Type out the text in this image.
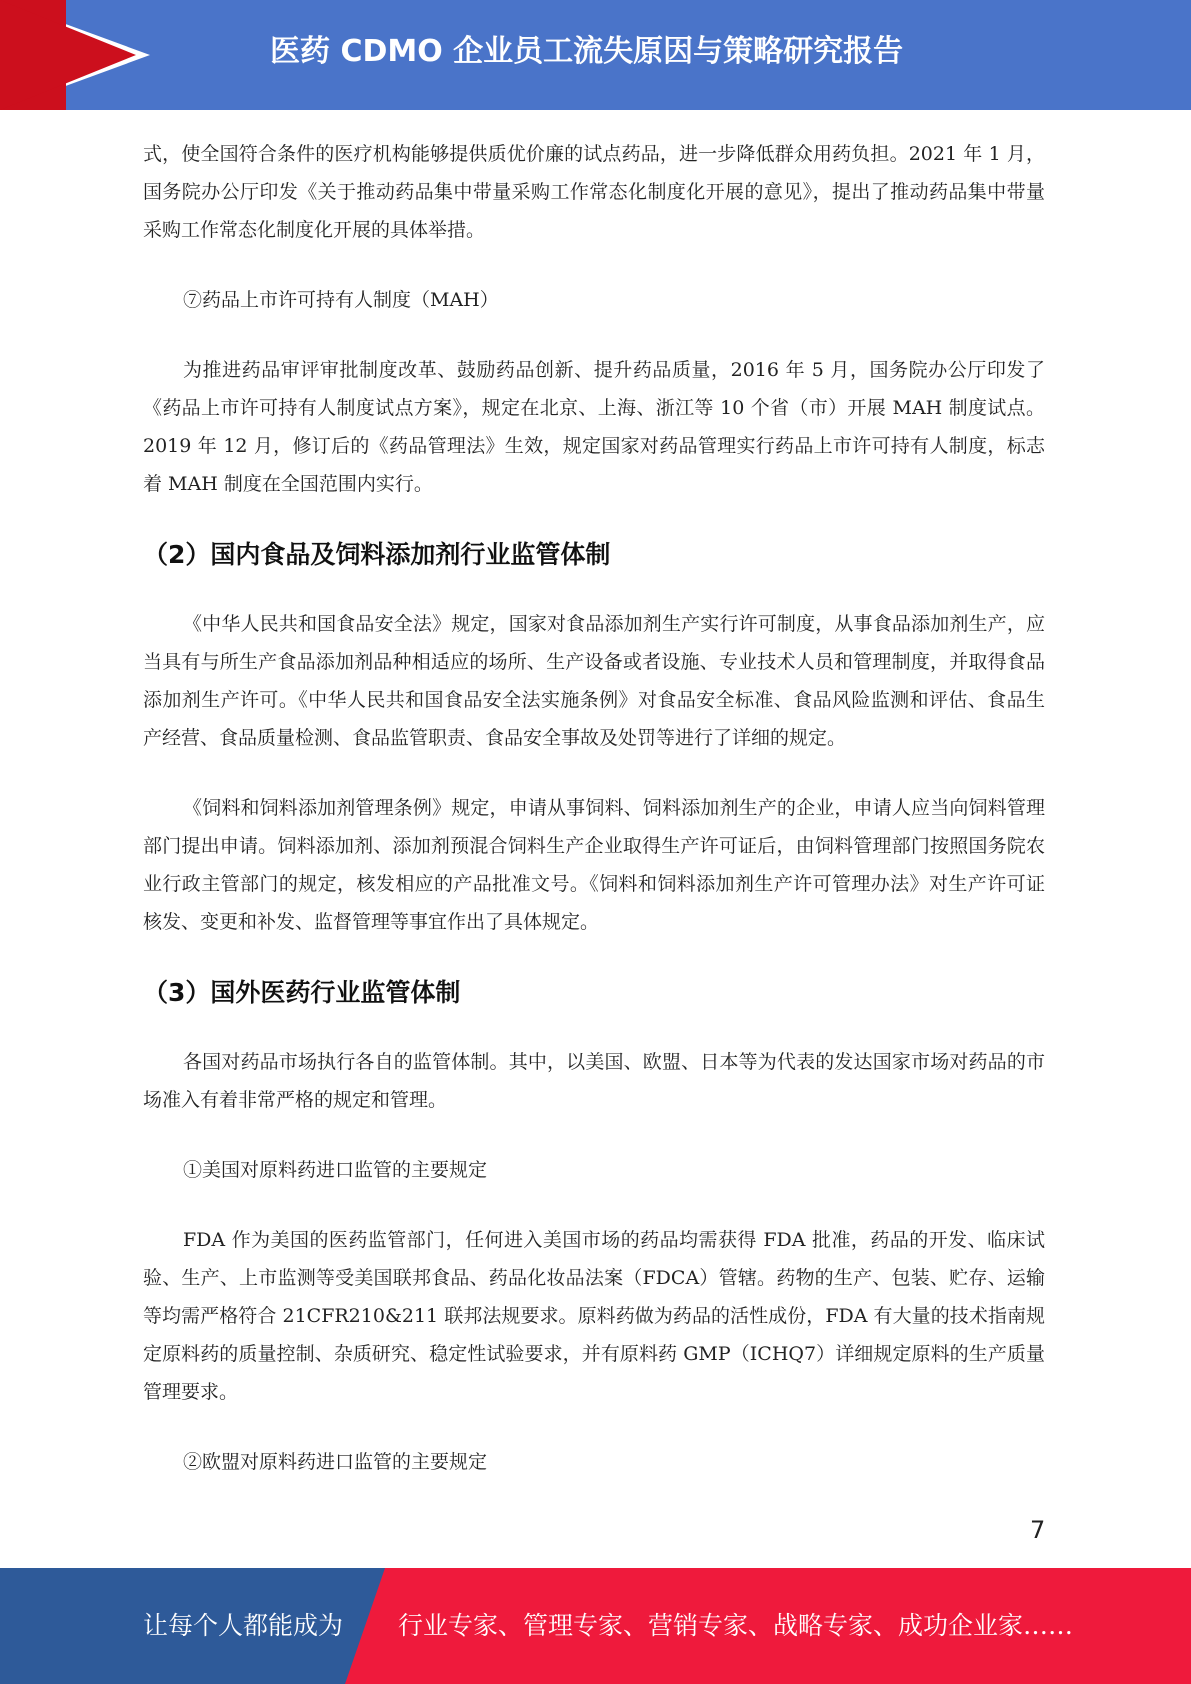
医药 CDMO 企业员工流失原因与策略研究报告

式，使全国符合条件的医疗机构能够提供质优价廉的试点药品，进一步降低群众用药负担。2021 年 1 月，国务院办公厅印发《关于推动药品集中带量采购工作常态化制度化开展的意见》，提出了推动药品集中带量采购工作常态化制度化开展的具体举措。

⑦药品上市许可持有人制度（MAH）

为推进药品审评审批制度改革、鼓励药品创新、提升药品质量，2016 年 5 月，国务院办公厅印发了《药品上市许可持有人制度试点方案》，规定在北京、上海、浙江等 10 个省（市）开展 MAH 制度试点。2019 年 12 月，修订后的《药品管理法》生效，规定国家对药品管理实行药品上市许可持有人制度，标志着 MAH 制度在全国范围内实行。

（2）国内食品及饲料添加剂行业监管体制

《中华人民共和国食品安全法》规定，国家对食品添加剂生产实行许可制度，从事食品添加剂生产，应当具有与所生产食品添加剂品种相适应的场所、生产设备或者设施、专业技术人员和管理制度，并取得食品添加剂生产许可。《中华人民共和国食品安全法实施条例》对食品安全标准、食品风险监测和评估、食品生产经营、食品质量检测、食品监管职责、食品安全事故及处罚等进行了详细的规定。

《饲料和饲料添加剂管理条例》规定，申请从事饲料、饲料添加剂生产的企业，申请人应当向饲料管理部门提出申请。饲料添加剂、添加剂预混合饲料生产企业取得生产许可证后，由饲料管理部门按照国务院农业行政主管部门的规定，核发相应的产品批准文号。《饲料和饲料添加剂生产许可管理办法》对生产许可证核发、变更和补发、监督管理等事宜作出了具体规定。

（3）国外医药行业监管体制

各国对药品市场执行各自的监管体制。其中，以美国、欧盟、日本等为代表的发达国家市场对药品的市场准入有着非常严格的规定和管理。

①美国对原料药进口监管的主要规定

FDA 作为美国的医药监管部门，任何进入美国市场的药品均需获得 FDA 批准，药品的开发、临床试验、生产、上市监测等受美国联邦食品、药品化妆品法案（FDCA）管辖。药物的生产、包装、贮存、运输等均需严格符合 21CFR210&211 联邦法规要求。原料药做为药品的活性成份，FDA 有大量的技术指南规定原料药的质量控制、杂质研究、稳定性试验要求，并有原料药 GMP（ICHQ7）详细规定原料的生产质量管理要求。

②欧盟对原料药进口监管的主要规定

7
让每个人都能成为 行业专家、管理专家、营销专家、战略专家、成功企业家……
